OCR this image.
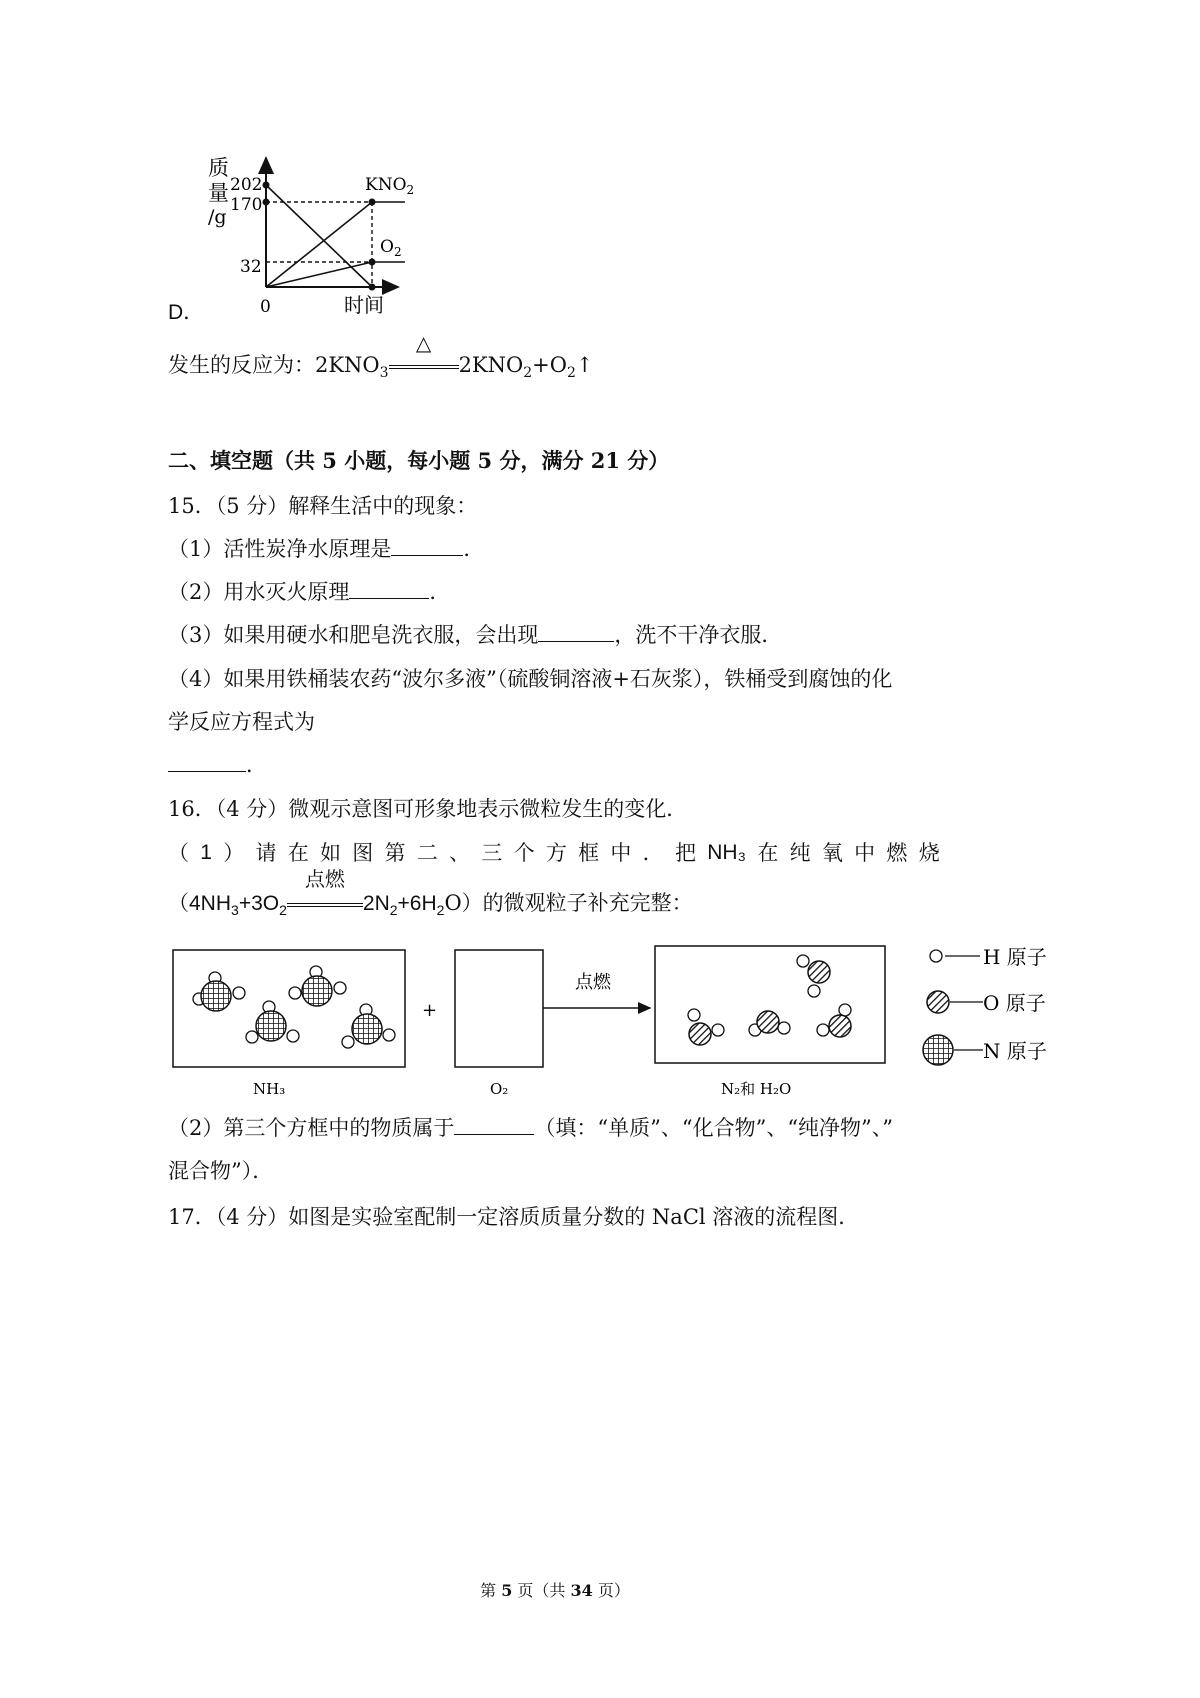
质
量
/g
202
170
32
0	时间
$KNO_2$
$O_2$
D．
发生的反应为：$2KNO_3$
△
$2KNO_2+O_2↑$
二、填空题（共 5 小题，每小题 5 分，满分 21 分）
15．（5 分）解释生活中的现象：
（1）活性炭净水原理是	．
（2）用水灭火原理	．
（3）如果用硬水和肥皂洗衣服，会出现	，洗不干净衣服．
（4）如果用铁桶装农药“波尔多液”（硫酸铜溶液+石灰浆），铁桶受到腐蚀的化
学反应方程式为
．
16．（4 分）微观示意图可形象地表示微粒发生的变化．
（ 1 ） 请 在 如 图 第 二 、 三 个 方 框 中 ． 把 NH₃ 在 纯 氧 中 燃 烧
（$4NH_3+3O_2$
点燃
$2N_2+6H_2O$）的微观粒子补充完整：
+
点燃
NH₃	O₂	N₂和 H₂O
H 原子
O 原子
N 原子
（2）第三个方框中的物质属于	（填：“单质”、“化合物”、“纯净物”、”
混合物”）．
17．（4 分）如图是实验室配制一定溶质质量分数的 NaCl 溶液的流程图．
第 5 页（共 34 页）
